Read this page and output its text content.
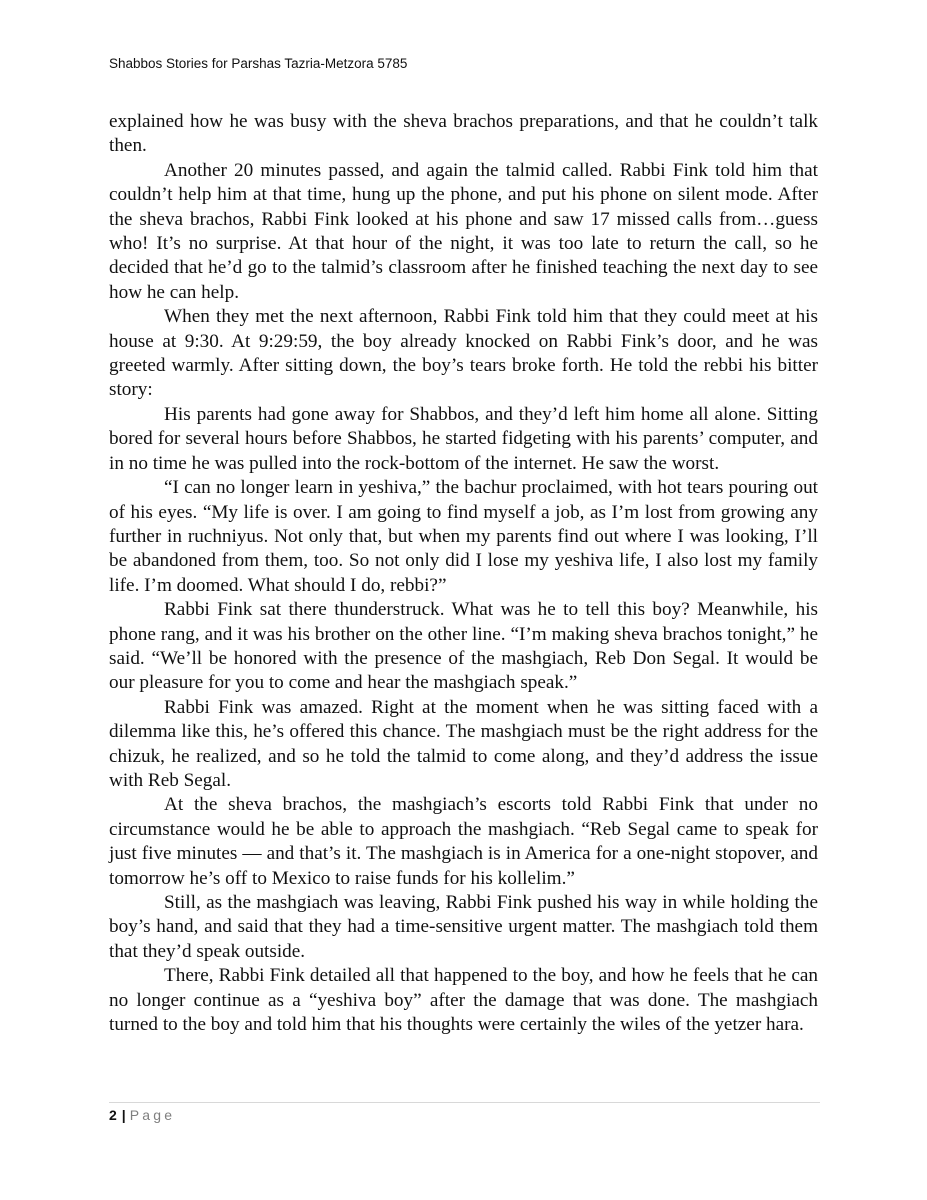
Shabbos Stories for Parshas Tazria-Metzora 5785

explained how he was busy with the sheva brachos preparations, and that he couldn’t talk then.

Another 20 minutes passed, and again the talmid called. Rabbi Fink told him that couldn’t help him at that time, hung up the phone, and put his phone on silent mode. After the sheva brachos, Rabbi Fink looked at his phone and saw 17 missed calls from…guess who! It’s no surprise. At that hour of the night, it was too late to return the call, so he decided that he’d go to the talmid’s classroom after he finished teaching the next day to see how he can help.

When they met the next afternoon, Rabbi Fink told him that they could meet at his house at 9:30. At 9:29:59, the boy already knocked on Rabbi Fink’s door, and he was greeted warmly. After sitting down, the boy’s tears broke forth. He told the rebbi his bitter story:

His parents had gone away for Shabbos, and they’d left him home all alone. Sitting bored for several hours before Shabbos, he started fidgeting with his parents’ computer, and in no time he was pulled into the rock-bottom of the internet. He saw the worst.

“I can no longer learn in yeshiva,” the bachur proclaimed, with hot tears pouring out of his eyes. “My life is over. I am going to find myself a job, as I’m lost from growing any further in ruchniyus. Not only that, but when my parents find out where I was looking, I’ll be abandoned from them, too. So not only did I lose my yeshiva life, I also lost my family life. I’m doomed. What should I do, rebbi?”

Rabbi Fink sat there thunderstruck. What was he to tell this boy? Meanwhile, his phone rang, and it was his brother on the other line. “I’m making sheva brachos tonight,” he said. “We’ll be honored with the presence of the mashgiach, Reb Don Segal. It would be our pleasure for you to come and hear the mashgiach speak.”

Rabbi Fink was amazed. Right at the moment when he was sitting faced with a dilemma like this, he’s offered this chance. The mashgiach must be the right address for the chizuk, he realized, and so he told the talmid to come along, and they’d address the issue with Reb Segal.

At the sheva brachos, the mashgiach’s escorts told Rabbi Fink that under no circumstance would he be able to approach the mashgiach. “Reb Segal came to speak for just five minutes — and that’s it. The mashgiach is in America for a one-night stopover, and tomorrow he’s off to Mexico to raise funds for his kollelim.”

Still, as the mashgiach was leaving, Rabbi Fink pushed his way in while holding the boy’s hand, and said that they had a time-sensitive urgent matter. The mashgiach told them that they’d speak outside.

There, Rabbi Fink detailed all that happened to the boy, and how he feels that he can no longer continue as a “yeshiva boy” after the damage that was done. The mashgiach turned to the boy and told him that his thoughts were certainly the wiles of the yetzer hara.

2 | Page
